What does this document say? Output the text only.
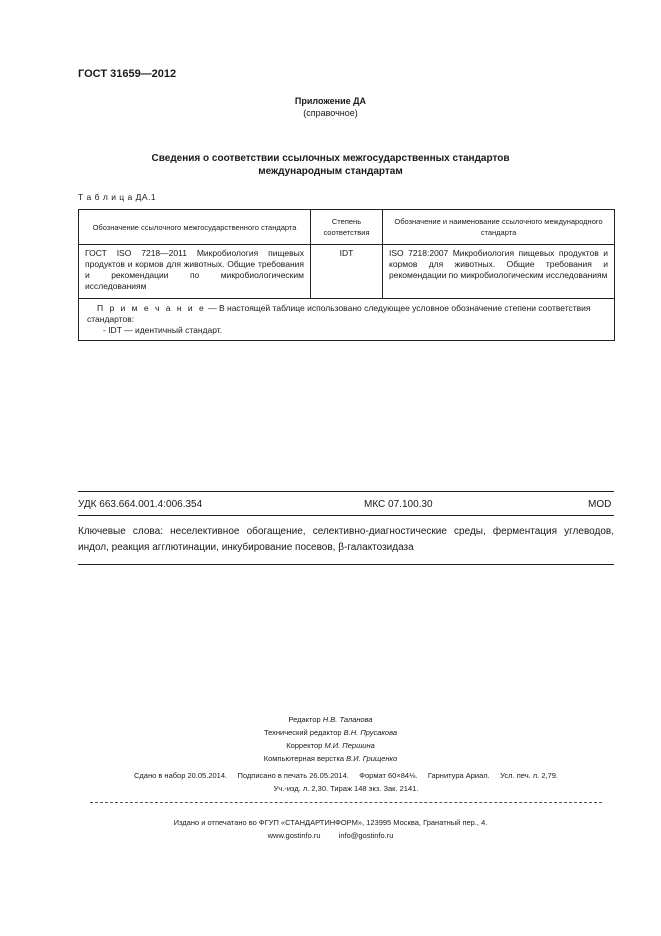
ГОСТ 31659—2012
Приложение ДА
(справочное)
Сведения о соответствии ссылочных межгосударственных стандартов
международным стандартам
Т а б л и ц а ДА.1
Обозначение ссылочного межгосударственного стандарта	Степень соответствия	Обозначение и наименование ссылочного международного стандарта
ГОСТ ISO 7218—2011 Микробиология пищевых продуктов и кормов для животных. Общие требования и рекомендации по микробиологическим исследованиям	IDT	ISO 7218:2007 Микробиология пищевых продуктов и кормов для животных. Общие требования и рекомендации по микробиологическим исследованиям

П р и м е ч а н и е — В настоящей таблице использовано следующее условное обозначение степени соответствия стандартов:
- IDT — идентичный стандарт.		
УДК 663.664.001.4:006.354	МКС 07.100.30	MOD
Ключевые слова: неселективное обогащение, селективно-диагностические среды, ферментация углеводов, индол, реакция агглютинации, инкубирование посевов, β-галактозидаза
Редактор Н.В. Таланова
Технический редактор В.Н. Прусакова
Корректор М.И. Першина
Компьютерная верстка В.И. Грищенко
Сдано в набор 20.05.2014.     Подписано в печать 26.05.2014.     Формат 60×84⅛.     Гарнитура Ариал.     Усл. печ. л. 2,79.
Уч.-изд. л. 2,30. Тираж 148 экз. Зак. 2141.
Издано и отпечатано во ФГУП «СТАНДАРТИНФОРМ», 123995 Москва, Гранатный пер., 4.
www.gostinfo.ru info@gostinfo.ru
